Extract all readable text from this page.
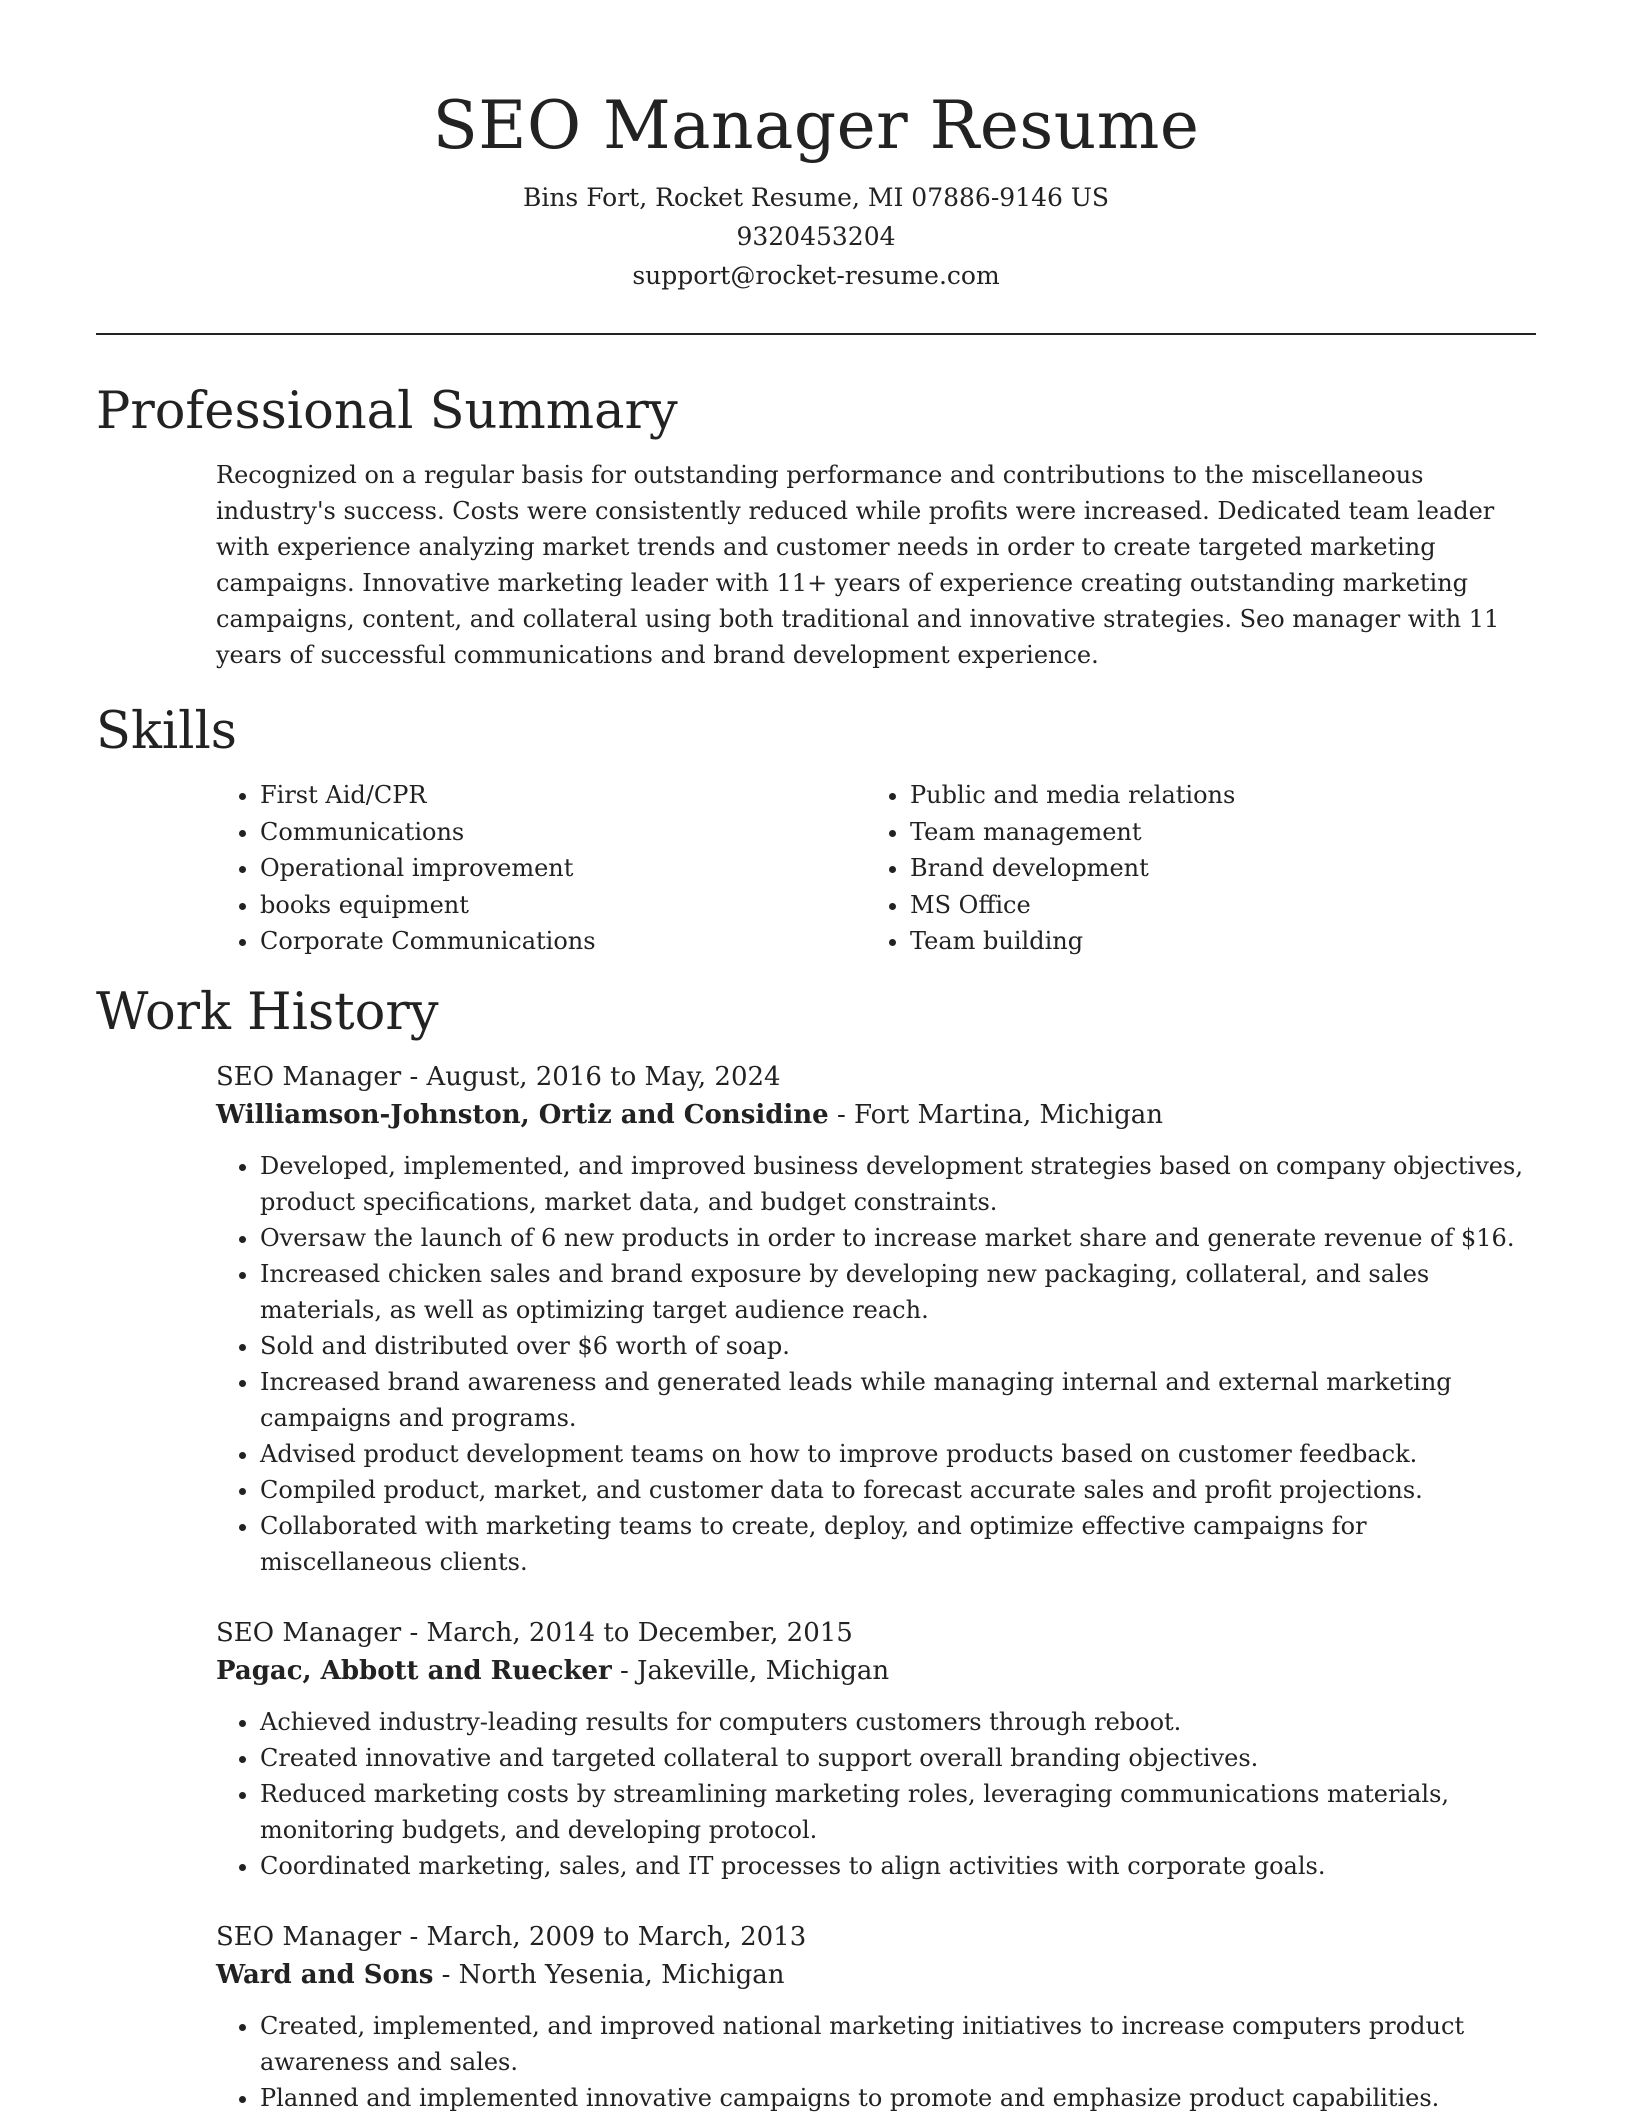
SEO Manager Resume
Bins Fort, Rocket Resume, MI 07886-9146 US
9320453204
support@rocket-resume.com
Professional Summary

Recognized on a regular basis for outstanding performance and contributions to the miscellaneous industry's success. Costs were consistently reduced while profits were increased. Dedicated team leader with experience analyzing market trends and customer needs in order to create targeted marketing campaigns. Innovative marketing leader with 11+ years of experience creating outstanding marketing campaigns, content, and collateral using both traditional and innovative strategies. Seo manager with 11 years of successful communications and brand development experience.

Skills
• First Aid/CPR
• Communications
• Operational improvement
• books equipment
• Corporate Communications
• Public and media relations
• Team management
• Brand development
• MS Office
• Team building
Work History
SEO Manager - August, 2016 to May, 2024
Williamson-Johnston, Ortiz and Considine - Fort Martina, Michigan
• Developed, implemented, and improved business development strategies based on company objectives, product specifications, market data, and budget constraints.
• Oversaw the launch of 6 new products in order to increase market share and generate revenue of $16.
• Increased chicken sales and brand exposure by developing new packaging, collateral, and sales materials, as well as optimizing target audience reach.
• Sold and distributed over $6 worth of soap.
• Increased brand awareness and generated leads while managing internal and external marketing campaigns and programs.
• Advised product development teams on how to improve products based on customer feedback.
• Compiled product, market, and customer data to forecast accurate sales and profit projections.
• Collaborated with marketing teams to create, deploy, and optimize effective campaigns for miscellaneous clients.
SEO Manager - March, 2014 to December, 2015
Pagac, Abbott and Ruecker - Jakeville, Michigan
• Achieved industry-leading results for computers customers through reboot.
• Created innovative and targeted collateral to support overall branding objectives.
• Reduced marketing costs by streamlining marketing roles, leveraging communications materials, monitoring budgets, and developing protocol.
• Coordinated marketing, sales, and IT processes to align activities with corporate goals.
SEO Manager - March, 2009 to March, 2013
Ward and Sons - North Yesenia, Michigan
• Created, implemented, and improved national marketing initiatives to increase computers product awareness and sales.
• Planned and implemented innovative campaigns to promote and emphasize product capabilities.
